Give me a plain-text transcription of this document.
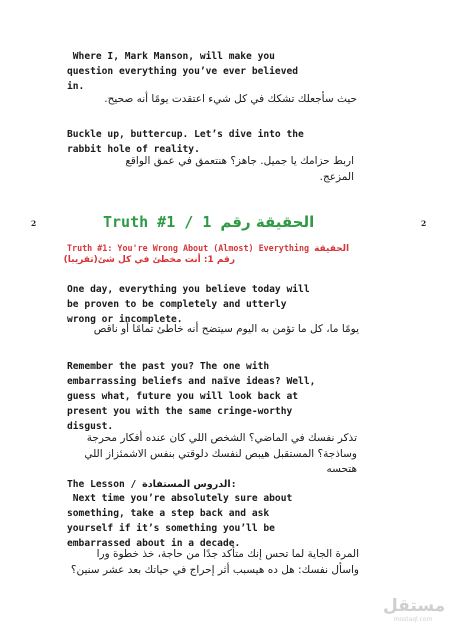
Where I, Mark Manson, will make you
question everything you’ve ever believed
in.
حيث سأجعلك تشكك في كل شيء اعتقدت يومًا أنه صحيح.
Buckle up, buttercup. Let’s dive into the
rabbit hole of reality.
اربط حزامك يا جميل. جاهز؟ هنتعمق في عمق الواقع المزعج.
2	2
Truth #1 / 1 الحقيقة رقم
Truth #1: You're Wrong About (Almost) Everything الحقيقة
رقم 1: أنت مخطئ في كل شئ(تقريبا)
One day, everything you believe today will
be proven to be completely and utterly
wrong or incomplete.
يومًا ما، كل ما تؤمن به اليوم سيتضح أنه خاطئ تمامًا أو ناقص
Remember the past you? The one with
embarrassing beliefs and naïve ideas? Well,
guess what, future you will look back at
present you with the same cringe-worthy
disgust.
تذكر نفسك في الماضي؟ الشخص اللي كان عنده أفكار محرجة وساذجة؟ المستقبل هيبص لنفسك دلوقتي بنفس الاشمئزاز اللي هتحسه
The Lesson / الدروس المستفادة:
Next time you’re absolutely sure about
something, take a step back and ask
yourself if it’s something you’ll be
embarrassed about in a decade.
المرة الجاية لما تحس إنك متأكد جدًا من حاجة، خذ خطوة ورا واسأل نفسك: هل ده هيسبب أثر إحراج في حياتك بعد عشر سنين؟
مستقل
mostaql.com
